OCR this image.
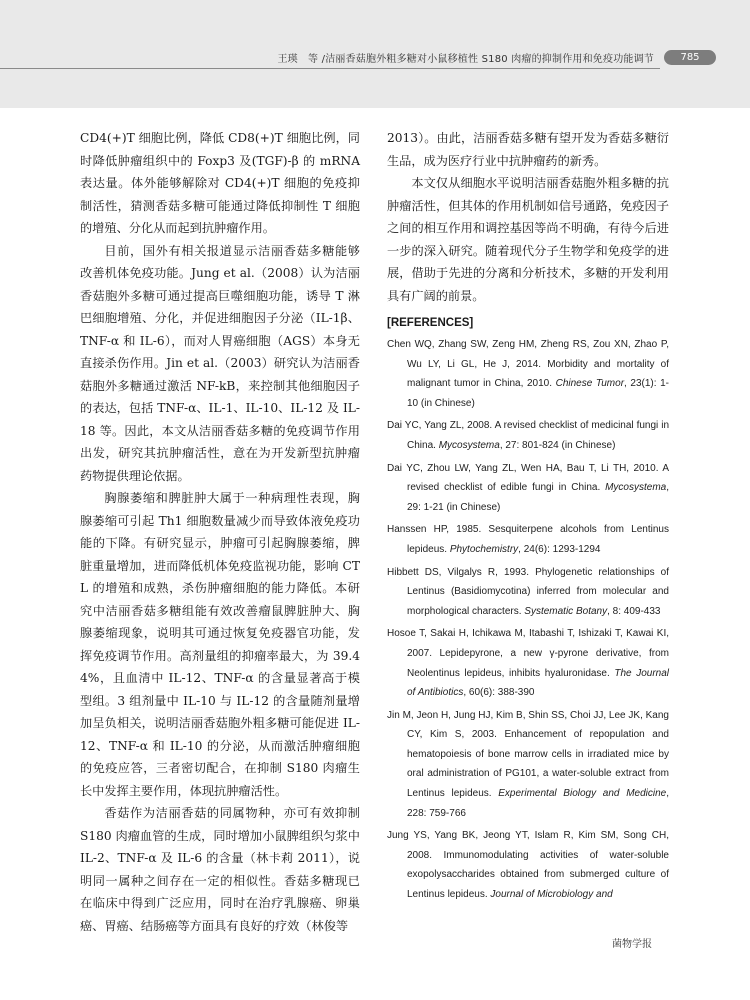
王瑛　等 /洁丽香菇胞外粗多糖对小鼠移植性 S180 肉瘤的抑制作用和免疫功能调节	785

CD4(+)T 细胞比例，降低 CD8(+)T 细胞比例，同时降低肿瘤组织中的 Foxp3 及(TGF)-β 的 mRNA 表达量。体外能够解除对 CD4(+)T 细胞的免疫抑制活性，猜测香菇多糖可能通过降低抑制性 T 细胞的增殖、分化从而起到抗肿瘤作用。

目前，国外有相关报道显示洁丽香菇多糖能够改善机体免疫功能。Jung et al.（2008）认为洁丽香菇胞外多糖可通过提高巨噬细胞功能，诱导 T 淋巴细胞增殖、分化，并促进细胞因子分泌（IL-1β、TNF-α 和 IL-6），而对人胃癌细胞（AGS）本身无直接杀伤作用。Jin et al.（2003）研究认为洁丽香菇胞外多糖通过激活 NF-kB，来控制其他细胞因子的表达，包括 TNF-α、IL-1、IL-10、IL-12 及 IL-18 等。因此，本文从洁丽香菇多糖的免疫调节作用出发，研究其抗肿瘤活性，意在为开发新型抗肿瘤药物提供理论依据。

胸腺萎缩和脾脏肿大属于一种病理性表现，胸腺萎缩可引起 Th1 细胞数量减少而导致体液免疫功能的下降。有研究显示，肿瘤可引起胸腺萎缩，脾脏重量增加，进而降低机体免疫监视功能，影响 CTL 的增殖和成熟，杀伤肿瘤细胞的能力降低。本研究中洁丽香菇多糖组能有效改善瘤鼠脾脏肿大、胸腺萎缩现象，说明其可通过恢复免疫器官功能，发挥免疫调节作用。高剂量组的抑瘤率最大，为 39.44%，且血清中 IL-12、TNF-α 的含量显著高于模型组。3 组剂量中 IL-10 与 IL-12 的含量随剂量增加呈负相关，说明洁丽香菇胞外粗多糖可能促进 IL-12、TNF-α 和 IL-10 的分泌，从而激活肿瘤细胞的免疫应答，三者密切配合，在抑制 S180 肉瘤生长中发挥主要作用，体现抗肿瘤活性。

香菇作为洁丽香菇的同属物种，亦可有效抑制 S180 肉瘤血管的生成，同时增加小鼠脾组织匀浆中 IL-2、TNF-α 及 IL-6 的含量（林卡莉 2011），说明同一属种之间存在一定的相似性。香菇多糖现已在临床中得到广泛应用，同时在治疗乳腺癌、卵巢癌、胃癌、结肠癌等方面具有良好的疗效（林俊等

2013）。由此，洁丽香菇多糖有望开发为香菇多糖衍生品，成为医疗行业中抗肿瘤药的新秀。

本文仅从细胞水平说明洁丽香菇胞外粗多糖的抗肿瘤活性，但其体的作用机制如信号通路，免疫因子之间的相互作用和调控基因等尚不明确，有待今后进一步的深入研究。随着现代分子生物学和免疫学的进展，借助于先进的分离和分析技术，多糖的开发利用具有广阔的前景。

[REFERENCES]

Chen WQ, Zhang SW, Zeng HM, Zheng RS, Zou XN, Zhao P, Wu LY, Li GL, He J, 2014. Morbidity and mortality of malignant tumor in China, 2010. Chinese Tumor, 23(1): 1-10 (in Chinese)

Dai YC, Yang ZL, 2008. A revised checklist of medicinal fungi in China. Mycosystema, 27: 801-824 (in Chinese)

Dai YC, Zhou LW, Yang ZL, Wen HA, Bau T, Li TH, 2010. A revised checklist of edible fungi in China. Mycosystema, 29: 1-21 (in Chinese)

Hanssen HP, 1985. Sesquiterpene alcohols from Lentinus lepideus. Phytochemistry, 24(6): 1293-1294

Hibbett DS, Vilgalys R, 1993. Phylogenetic relationships of Lentinus (Basidiomycotina) inferred from molecular and morphological characters. Systematic Botany, 8: 409-433

Hosoe T, Sakai H, Ichikawa M, Itabashi T, Ishizaki T, Kawai KI, 2007. Lepidepyrone, a new γ-pyrone derivative, from Neolentinus lepideus, inhibits hyaluronidase. The Journal of Antibiotics, 60(6): 388-390

Jin M, Jeon H, Jung HJ, Kim B, Shin SS, Choi JJ, Lee JK, Kang CY, Kim S, 2003. Enhancement of repopulation and hematopoiesis of bone marrow cells in irradiated mice by oral administration of PG101, a water-soluble extract from Lentinus lepideus. Experimental Biology and Medicine, 228: 759-766

Jung YS, Yang BK, Jeong YT, Islam R, Kim SM, Song CH, 2008. Immunomodulating activities of water-soluble exopolysaccharides obtained from submerged culture of Lentinus lepideus. Journal of Microbiology and

菌物学报
